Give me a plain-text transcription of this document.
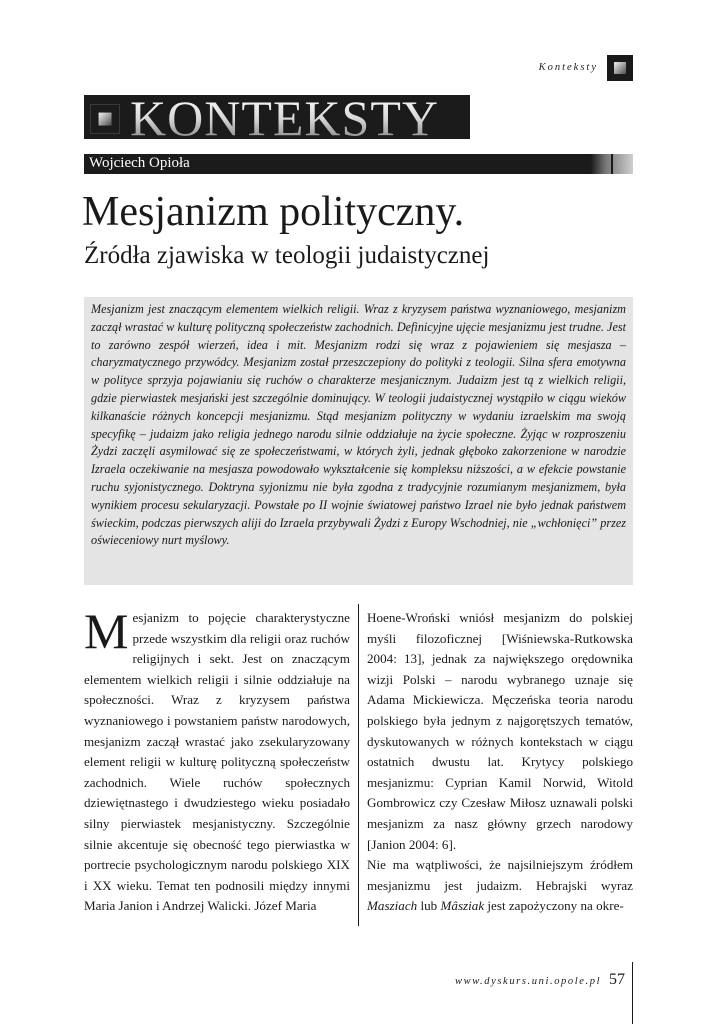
Konteksty
KONTEKSTY
Wojciech Opioła
Mesjanizm polityczny.
Źródła zjawiska w teologii judaistycznej
Mesjanizm jest znaczącym elementem wielkich religii. Wraz z kryzysem państwa wyznaniowego, mesjanizm zaczął wrastać w kulturę polityczną społeczeństw zachodnich. Definicyjne ujęcie mesjanizmu jest trudne. Jest to zarówno zespół wierzeń, idea i mit. Mesjanizm rodzi się wraz z pojawieniem się mesjasza – charyzmatycznego przywódcy. Mesjanizm został przeszczepiony do polityki z teologii. Silna sfera emotywna w polityce sprzyja pojawianiu się ruchów o charakterze mesjanicznym. Judaizm jest tą z wielkich religii, gdzie pierwiastek mesjański jest szczególnie dominujący. W teologii judaistycznej wystąpiło w ciągu wieków kilkanaście różnych koncepcji mesjanizmu. Stąd mesjanizm polityczny w wydaniu izraelskim ma swoją specyfikę – judaizm jako religia jednego narodu silnie oddziałuje na życie społeczne. Żyjąc w rozproszeniu Żydzi zaczęli asymilować się ze społeczeństwami, w których żyli, jednak głęboko zakorzenione w narodzie Izraela oczekiwanie na mesjasza powodowało wykształcenie się kompleksu niższości, a w efekcie powstanie ruchu syjonistycznego. Doktryna syjonizmu nie była zgodna z tradycyjnie rozumianym mesjanizmem, była wynikiem procesu sekularyzacji. Powstałe po II wojnie światowej państwo Izrael nie było jednak państwem świeckim, podczas pierwszych aliji do Izraela przybywali Żydzi z Europy Wschodniej, nie „wchłonięci” przez oświeceniowy nurt myślowy.
Mesjanizm to pojęcie charakterystyczne przede wszystkim dla religii oraz ruchów religijnych i sekt. Jest on znaczącym elementem wielkich religii i silnie oddziałuje na społeczności. Wraz z kryzysem państwa wyznaniowego i powstaniem państw narodowych, mesjanizm zaczął wrastać jako zsekularyzowany element religii w kulturę polityczną społeczeństw zachodnich. Wiele ruchów społecznych dziewiętnastego i dwudziestego wieku posiadało silny pierwiastek mesjanistyczny. Szczególnie silnie akcentuje się obecność tego pierwiastka w portrecie psychologicznym narodu polskiego XIX i XX wieku. Temat ten podnosili między innymi Maria Janion i Andrzej Walicki. Józef Maria
Hoene-Wroński wniósł mesjanizm do polskiej myśli filozoficznej [Wiśniewska-Rutkowska 2004: 13], jednak za największego orędownika wizji Polski – narodu wybranego uznaje się Adama Mickiewicza. Męczeńska teoria narodu polskiego była jednym z najgorętszych tematów, dyskutowanych w różnych kontekstach w ciągu ostatnich dwustu lat. Krytycy polskiego mesjanizmu: Cyprian Kamil Norwid, Witold Gombrowicz czy Czesław Miłosz uznawali polski mesjanizm za nasz główny grzech narodowy [Janion 2004: 6].
Nie ma wątpliwości, że najsilniejszym źródłem mesjanizmu jest judaizm. Hebrajski wyraz Masziach lub Mâsziak jest zapożyczony na okre-
www.dyskurs.uni.opole.pl 57
